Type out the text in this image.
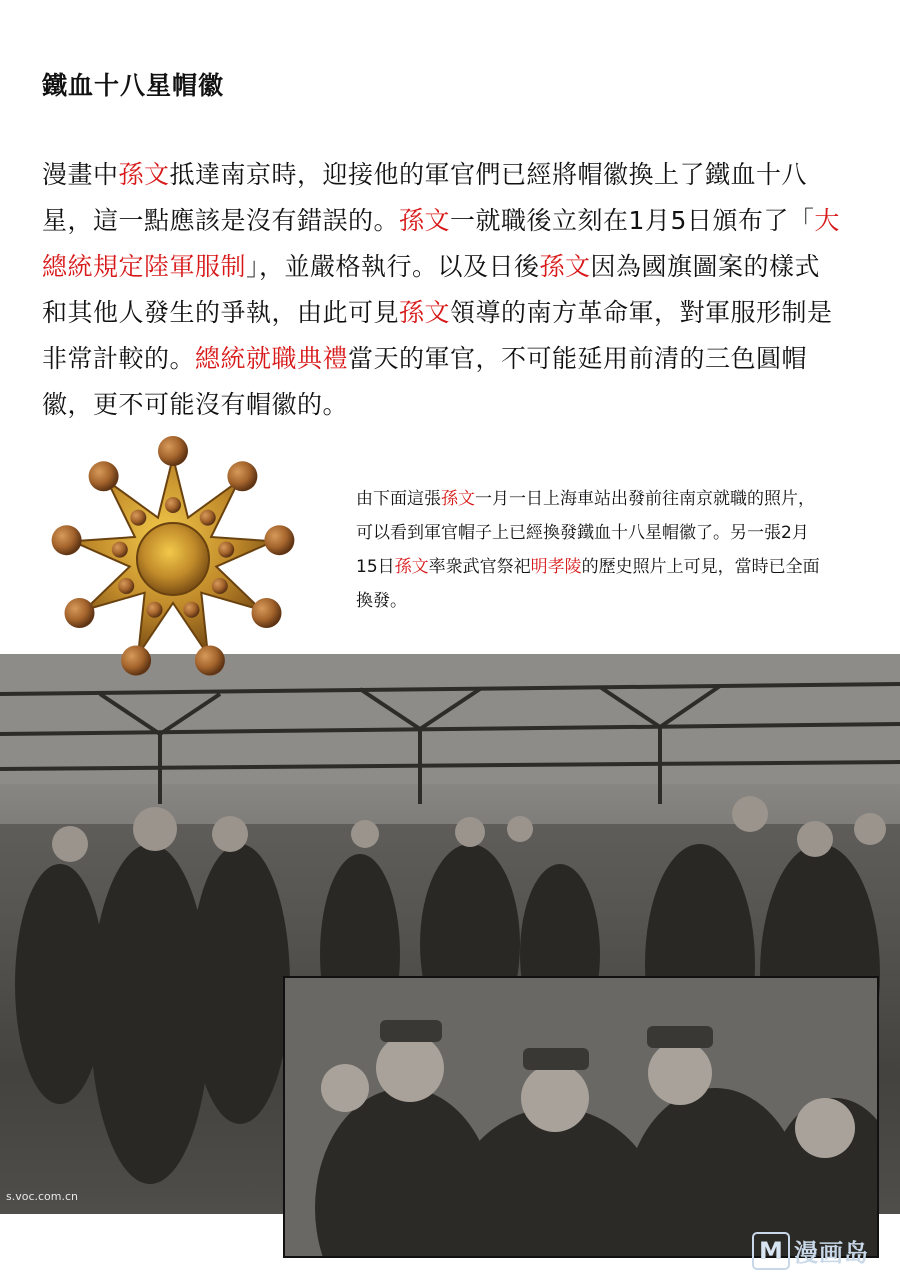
鐵血十八星帽徽
漫畫中孫文抵達南京時，迎接他的軍官們已經將帽徽換上了鐵血十八星，這一點應該是沒有錯誤的。孫文一就職後立刻在1月5日頒布了「大總統規定陸軍服制」，並嚴格執行。以及日後孫文因為國旗圖案的樣式和其他人發生的爭執，由此可見孫文領導的南方革命軍，對軍服形制是非常計較的。總統就職典禮當天的軍官，不可能延用前清的三色圓帽徽，更不可能沒有帽徽的。
由下面這張孫文一月一日上海車站出發前往南京就職的照片，可以看到軍官帽子上已經換發鐵血十八星帽徽了。另一張2月15日孫文率衆武官祭祀明孝陵的歷史照片上可見，當時已全面換發。
s.voc.com.cn
M 漫画岛
